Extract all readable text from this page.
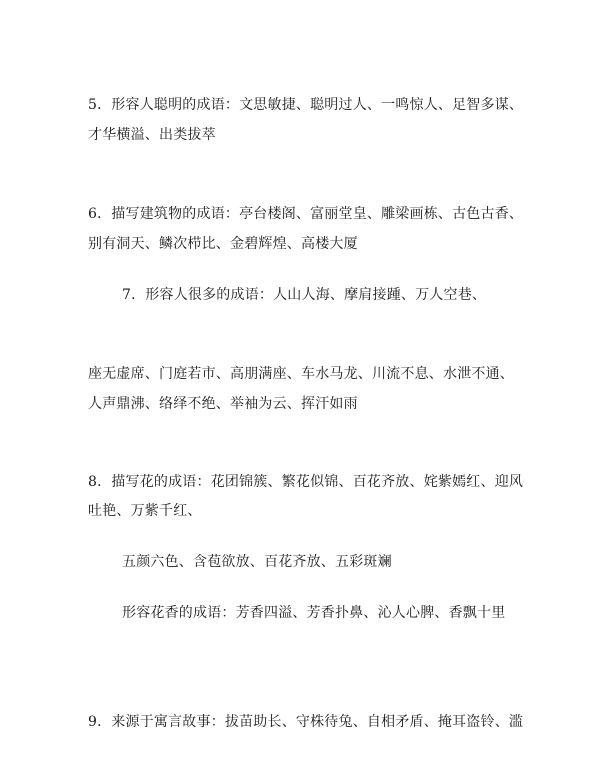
5．形容人聪明的成语：文思敏捷、聪明过人、一鸣惊人、足智多谋、
才华横溢、出类拔萃
6．描写建筑物的成语：亭台楼阁、富丽堂皇、雕梁画栋、古色古香、
别有洞天、鳞次栉比、金碧辉煌、高楼大厦
7．形容人很多的成语：人山人海、摩肩接踵、万人空巷、
座无虚席、门庭若市、高朋满座、车水马龙、川流不息、水泄不通、
人声鼎沸、络绎不绝、举袖为云、挥汗如雨
8．描写花的成语：花团锦簇、繁花似锦、百花齐放、姹紫嫣红、迎风
吐艳、万紫千红、
五颜六色、含苞欲放、百花齐放、五彩斑斓
形容花香的成语：芳香四溢、芳香扑鼻、沁人心脾、香飘十里
9．来源于寓言故事：拔苗助长、守株待兔、自相矛盾、掩耳盗铃、滥
